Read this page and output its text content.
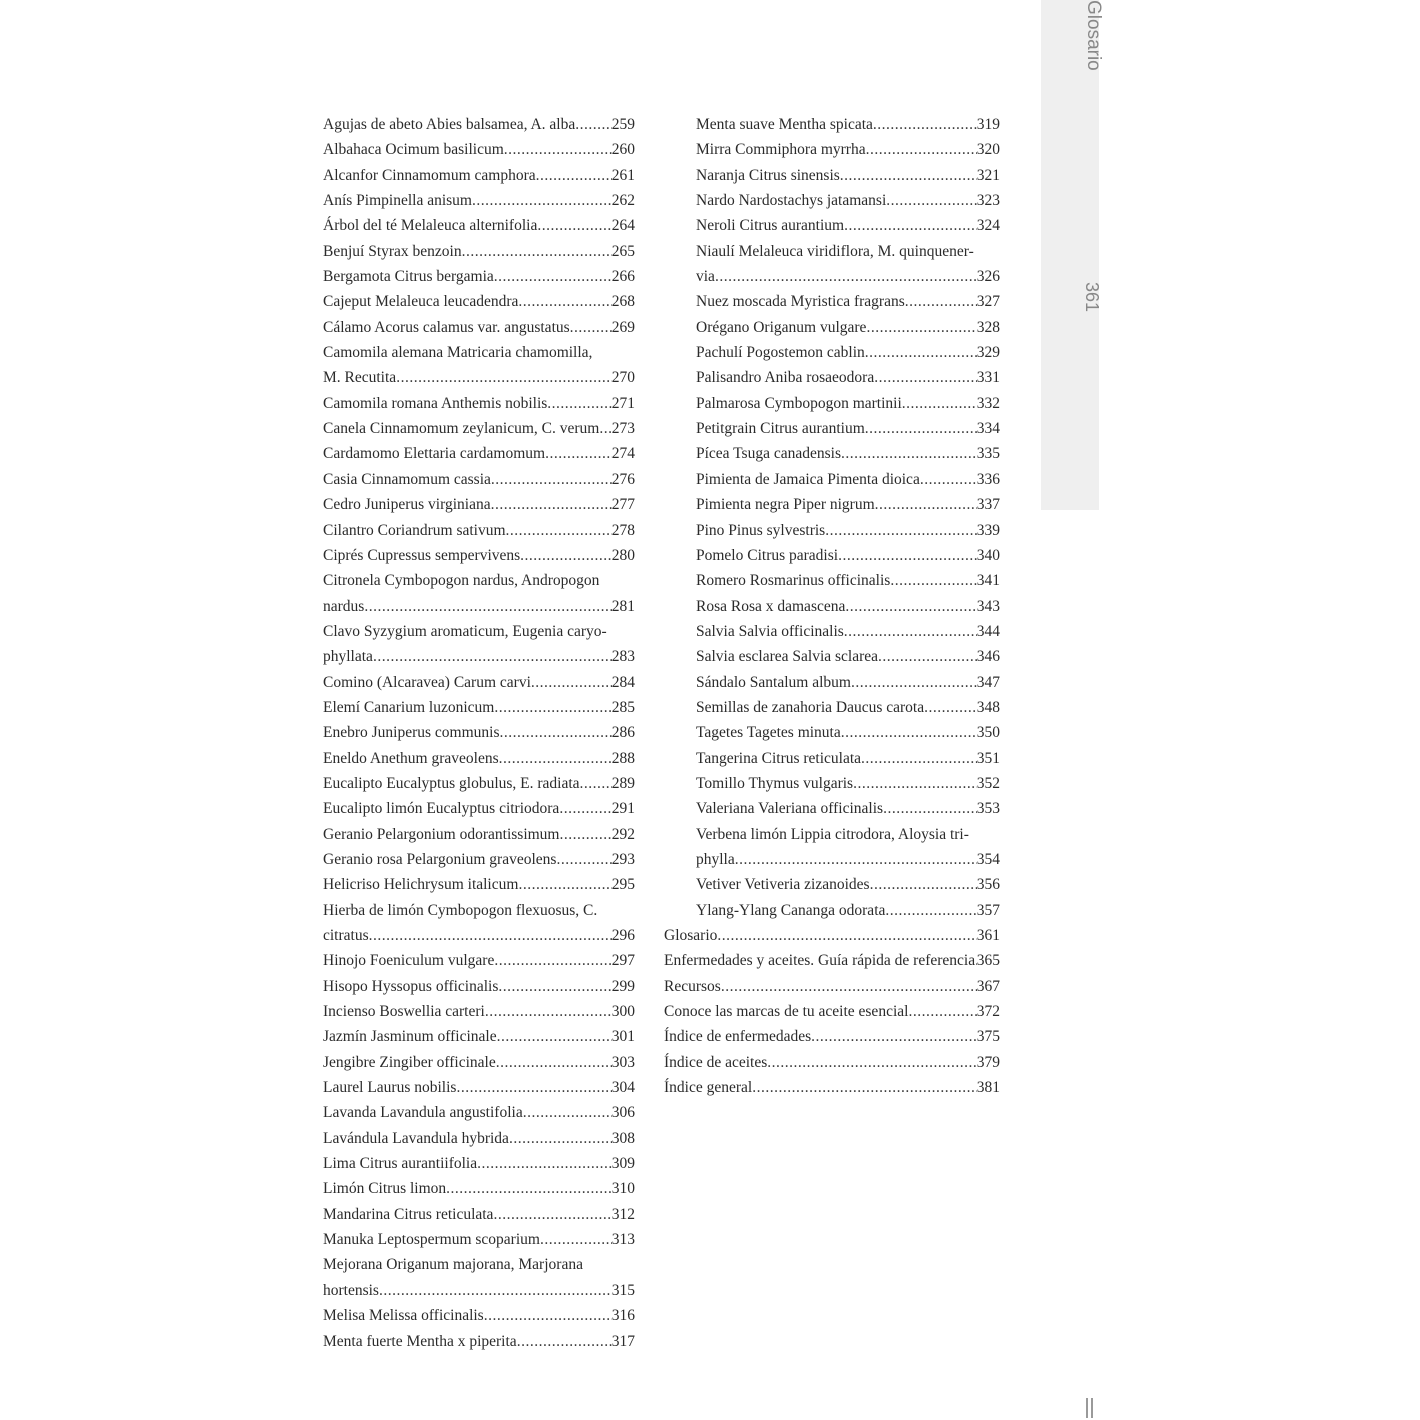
Glosario
361
Agujas de abeto Abies balsamea, A. alba ..... 259
Albahaca Ocimum basilicum .....	260
Alcanfor Cinnamomum camphora .....	261
Anís Pimpinella anisum .....	262
Árbol del té Melaleuca alternifolia .....	264
Benjuí Styrax benzoin .....	265
Bergamota Citrus bergamia .....	266
Cajeput Melaleuca leucadendra .....	268
Cálamo Acorus calamus var. angustatus .....	269
Camomila alemana Matricaria chamomilla,
M. Recutita .....	270
Camomila romana Anthemis nobilis .....	271
Canela Cinnamomum zeylanicum, C. verum ..... 273
Cardamomo Elettaria cardamomum .....	274
Casia Cinnamomum cassia .....	276
Cedro Juniperus virginiana .....	277
Cilantro Coriandrum sativum .....	278
Ciprés Cupressus sempervivens .....	280
Citronela Cymbopogon nardus, Andropogon
nardus .....	281
Clavo Syzygium aromaticum, Eugenia caryo-
phyllata .....	283
Comino (Alcaravea) Carum carvi .....	284
Elemí Canarium luzonicum .....	285
Enebro Juniperus communis .....	286
Eneldo Anethum graveolens .....	288
Eucalipto Eucalyptus globulus, E. radiata ..... 289
Eucalipto limón Eucalyptus citriodora .....	291
Geranio Pelargonium odorantissimum .....	292
Geranio rosa Pelargonium graveolens .....	293
Helicriso Helichrysum italicum .....	295
Hierba de limón Cymbopogon flexuosus, C.
citratus .....	296
Hinojo Foeniculum vulgare .....	297
Hisopo Hyssopus officinalis .....	299
Incienso Boswellia carteri .....	300
Jazmín Jasminum officinale .....	301
Jengibre Zingiber officinale .....	303
Laurel Laurus nobilis .....	304
Lavanda Lavandula angustifolia .....	306
Lavándula Lavandula hybrida .....	308
Lima Citrus aurantiifolia .....	309
Limón Citrus limon .....	310
Mandarina Citrus reticulata .....	312
Manuka Leptospermum scoparium .....	313
Mejorana Origanum majorana, Marjorana
hortensis .....	315
Melisa Melissa officinalis .....	316
Menta fuerte Mentha x piperita .....	317
Menta suave Mentha spicata .....	319
Mirra Commiphora myrrha .....	320
Naranja Citrus sinensis .....	321
Nardo Nardostachys jatamansi .....	323
Neroli Citrus aurantium .....	324
Niaulí Melaleuca viridiflora, M. quinquener-
via .....	326
Nuez moscada Myristica fragrans .....	327
Orégano Origanum vulgare .....	328
Pachulí Pogostemon cablin .....	329
Palisandro Aniba rosaeodora .....	331
Palmarosa Cymbopogon martinii .....	332
Petitgrain Citrus aurantium .....	334
Pícea Tsuga canadensis .....	335
Pimienta de Jamaica Pimenta dioica .....	336
Pimienta negra Piper nigrum .....	337
Pino Pinus sylvestris .....	339
Pomelo Citrus paradisi .....	340
Romero Rosmarinus officinalis .....	341
Rosa Rosa x damascena .....	343
Salvia Salvia officinalis .....	344
Salvia esclarea Salvia sclarea .....	346
Sándalo Santalum album .....	347
Semillas de zanahoria Daucus carota .....	348
Tagetes Tagetes minuta .....	350
Tangerina Citrus reticulata .....	351
Tomillo Thymus vulgaris .....	352
Valeriana Valeriana officinalis .....	353
Verbena limón Lippia citrodora, Aloysia tri-
phylla .....	354
Vetiver Vetiveria zizanoides .....	356
Ylang-Ylang Cananga odorata .....	357
Glosario .....	361
Enfermedades y aceites. Guía rápida de referencia ..... 365
Recursos .....	367
Conoce las marcas de tu aceite esencial .....	372
Índice de enfermedades .....	375
Índice de aceites .....	379
Índice general .....	381
